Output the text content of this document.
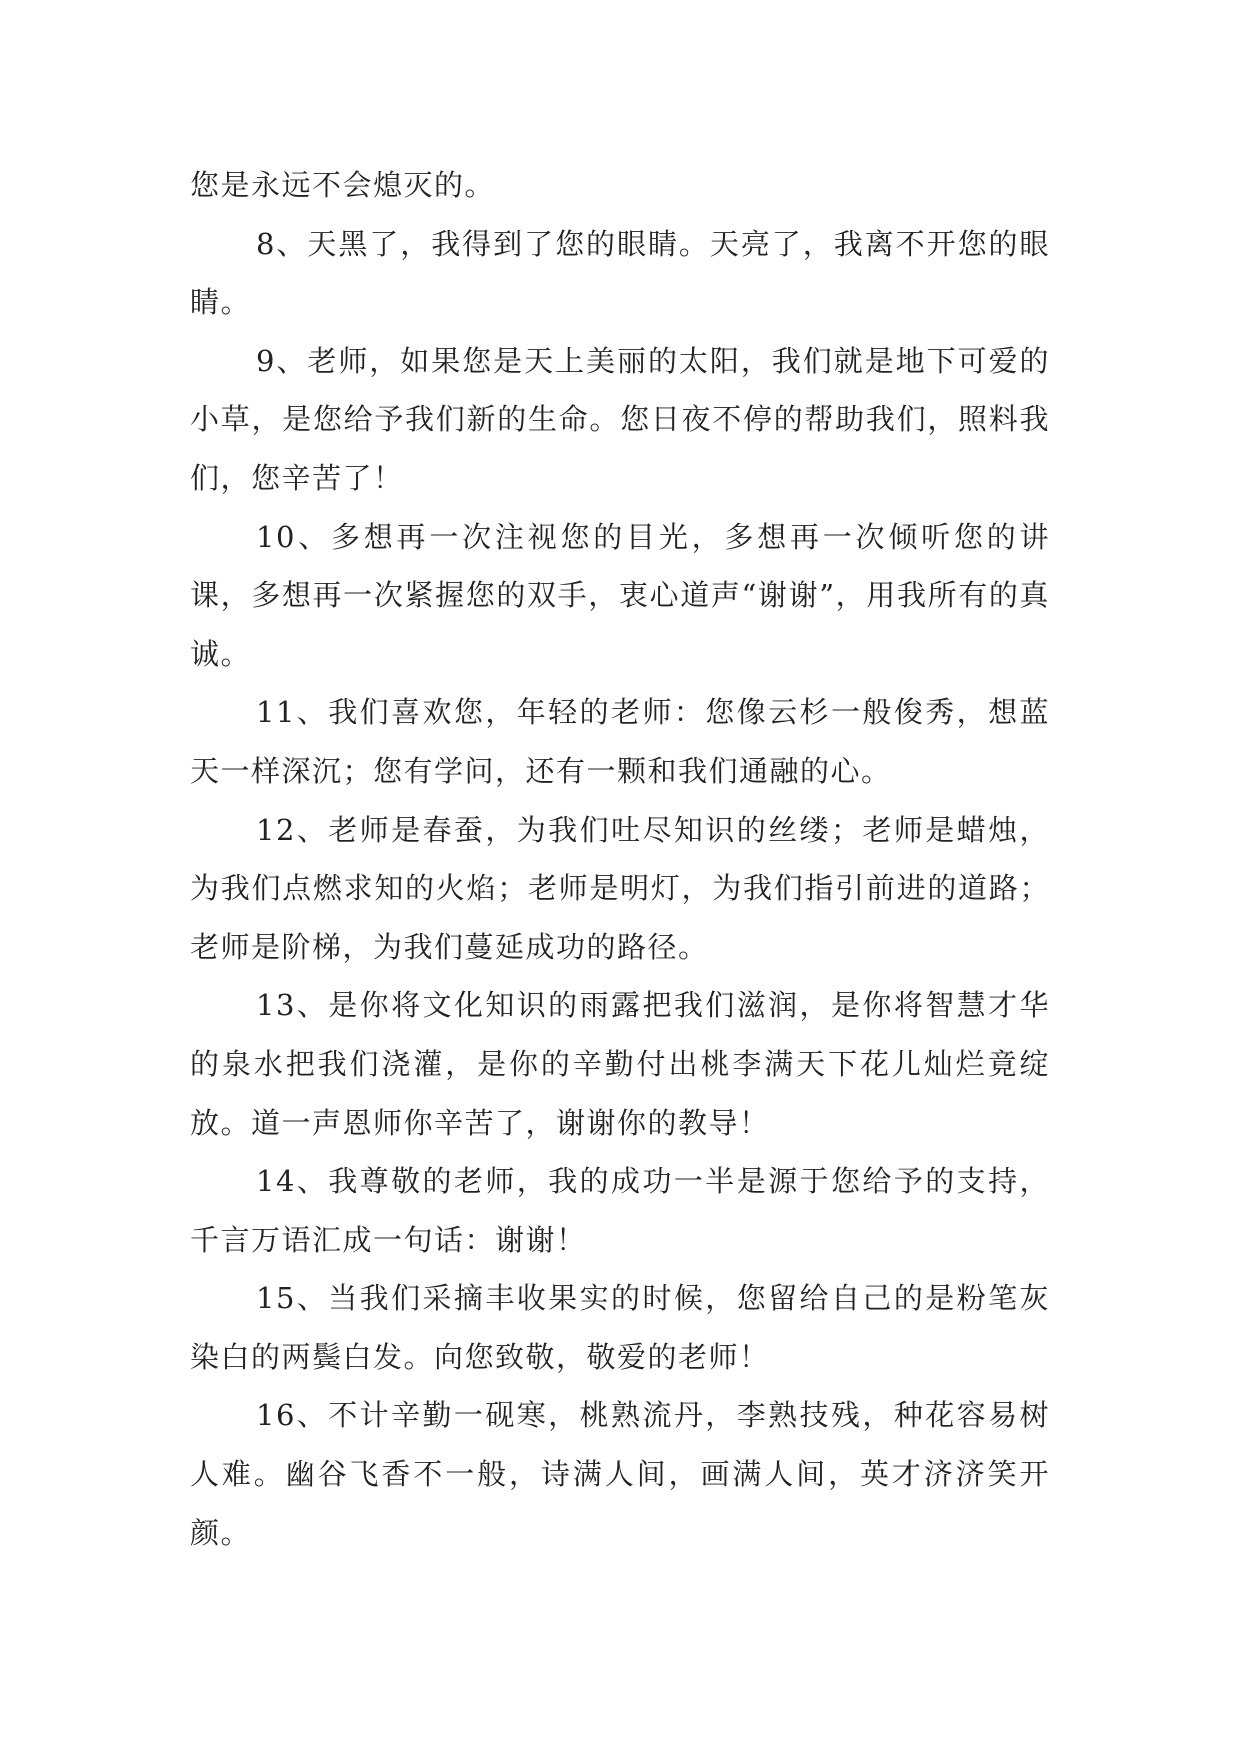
您是永远不会熄灭的。

8、天黑了，我得到了您的眼睛。天亮了，我离不开您的眼睛。

9、老师，如果您是天上美丽的太阳，我们就是地下可爱的小草，是您给予我们新的生命。您日夜不停的帮助我们，照料我们，您辛苦了！

10、多想再一次注视您的目光，多想再一次倾听您的讲课，多想再一次紧握您的双手，衷心道声“谢谢”，用我所有的真诚。

11、我们喜欢您，年轻的老师：您像云杉一般俊秀，想蓝天一样深沉；您有学问，还有一颗和我们通融的心。

12、老师是春蚕，为我们吐尽知识的丝缕；老师是蜡烛，为我们点燃求知的火焰；老师是明灯，为我们指引前进的道路；老师是阶梯，为我们蔓延成功的路径。

13、是你将文化知识的雨露把我们滋润，是你将智慧才华的泉水把我们浇灌，是你的辛勤付出桃李满天下花儿灿烂竟绽放。道一声恩师你辛苦了，谢谢你的教导！

14、我尊敬的老师，我的成功一半是源于您给予的支持，千言万语汇成一句话：谢谢！

15、当我们采摘丰收果实的时候，您留给自己的是粉笔灰染白的两鬓白发。向您致敬，敬爱的老师！

16、不计辛勤一砚寒，桃熟流丹，李熟技残，种花容易树人难。幽谷飞香不一般，诗满人间，画满人间，英才济济笑开颜。
